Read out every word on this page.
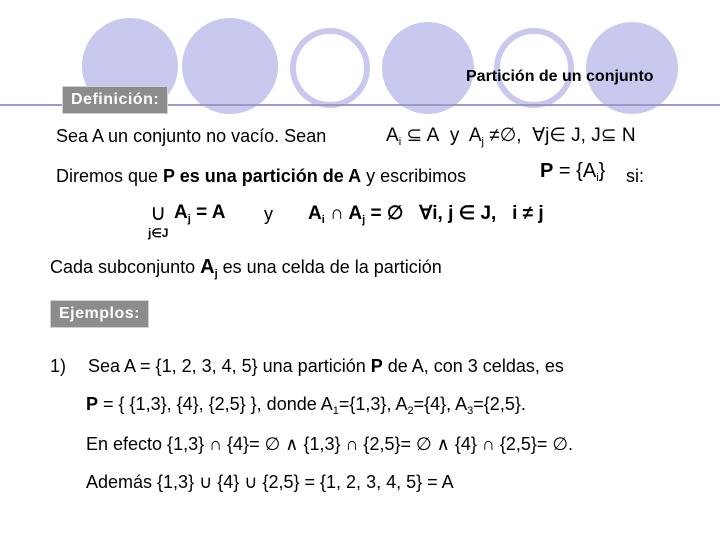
Partición de un conjunto
Definición:
Sea A un conjunto no vacío. Sean	$A_i$ ⊆ A y $A_j$ ≠∅, ∀j∈ J, J⊆ N
Diremos que P es una partición de A y escribimos	$P = \{A_i\}$ si:
∪
j∈J
$A_j = A$ y $A_i$ ∩ $A_j$ = ∅ ∀i, j ∈ J, i ≠ j
Cada subconjunto $A_j$ es una celda de la partición
Ejemplos:
1) Sea A = {1, 2, 3, 4, 5} una partición P de A, con 3 celdas, es
P = { {1,3}, {4}, {2,5} }, donde $A_1=\{1,3\}$, $A_2=\{4\}$, $A_3=\{2,5\}$.
En efecto {1,3} ∩ {4}= ∅ ∧ {1,3} ∩ {2,5}= ∅ ∧ {4} ∩ {2,5}= ∅.
Además {1,3} ∪ {4} ∪ {2,5} = {1, 2, 3, 4, 5} = A
